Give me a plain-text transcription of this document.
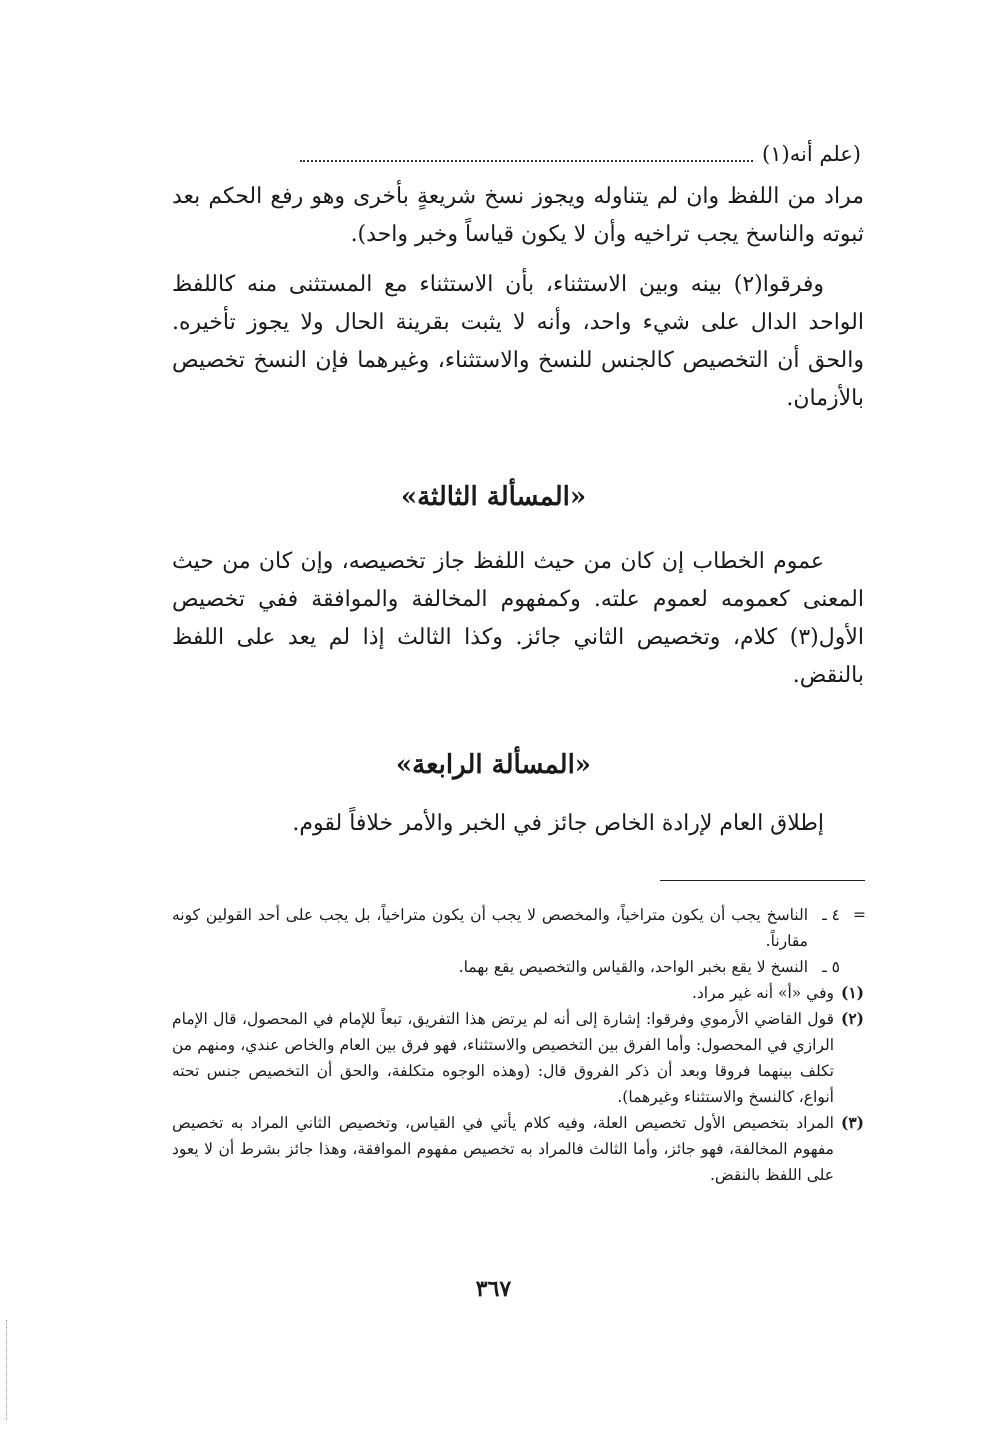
(علم أنه(١)

مراد من اللفظ وان لم يتناوله ويجوز نسخ شريعةٍ بأخرى وهو رفع الحكم بعد ثبوته والناسخ يجب تراخيه وأن لا يكون قياساً وخبر واحد).

وفرقوا(٢) بينه وبين الاستثناء، بأن الاستثناء مع المستثنى منه كاللفظ الواحد الدال على شيء واحد، وأنه لا يثبت بقرينة الحال ولا يجوز تأخيره. والحق أن التخصيص كالجنس للنسخ والاستثناء، وغيرهما فإن النسخ تخصيص بالأزمان.

«المسألة الثالثة»

عموم الخطاب إن كان من حيث اللفظ جاز تخصيصه، وإن كان من حيث المعنى كعمومه لعموم علته. وكمفهوم المخالفة والموافقة ففي تخصيص الأول(٣) كلام، وتخصيص الثاني جائز. وكذا الثالث إذا لم يعد على اللفظ بالنقض.

«المسألة الرابعة»

إطلاق العام لإرادة الخاص جائز في الخبر والأمر خلافاً لقوم.

=
٤ ـ
الناسخ يجب أن يكون متراخياً، والمخصص لا يجب أن يكون متراخياً، بل يجب على أحد القولين كونه مقارناً.
٥ ـ
النسخ لا يقع بخبر الواحد، والقياس والتخصيص يقع بهما.
(١)
وفي «أ» أنه غير مراد.
(٢)
قول القاضي الأرموي وفرقوا: إشارة إلى أنه لم يرتض هذا التفريق، تبعاً للإمام في المحصول، قال الإمام الرازي في المحصول: وأما الفرق بين التخصيص والاستثناء، فهو فرق بين العام والخاص عندي، ومنهم من تكلف بينهما فروقا وبعد أن ذكر الفروق قال: (وهذه الوجوه متكلفة، والحق أن التخصيص جنس تحته أنواع، كالنسخ والاستثناء وغيرهما).
(٣)
المراد بتخصيص الأول تخصيص العلة، وفيه كلام يأتي في القياس، وتخصيص الثاني المراد به تخصيص مفهوم المخالفة، فهو جائز، وأما الثالث فالمراد به تخصيص مفهوم الموافقة، وهذا جائز بشرط أن لا يعود على اللفظ بالنقض.
٣٦٧
